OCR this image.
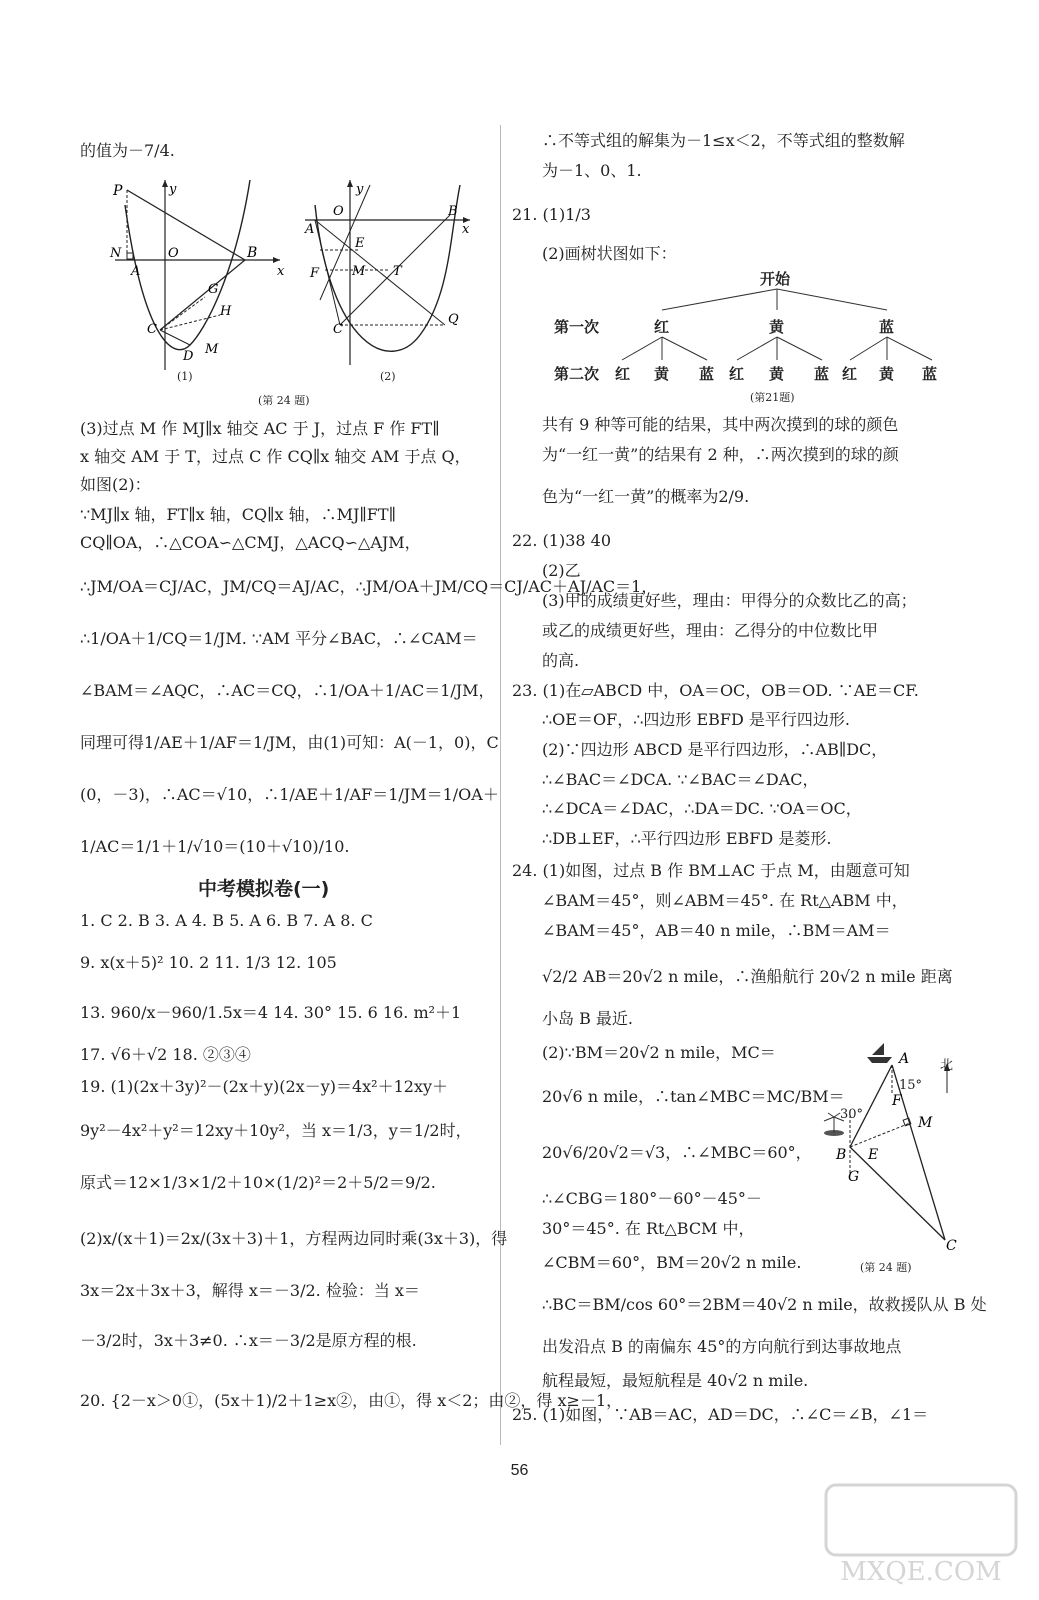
的值为－7/4.
P	y
O	B
x
N
A
G
H
C
D M
(1)
O
y
A
B
x
E
F	M T
C
Q
(2)
(第 24 题)
(3)过点 M 作 MJ∥x 轴交 AC 于 J，过点 F 作 FT∥
x 轴交 AM 于 T，过点 C 作 CQ∥x 轴交 AM 于点 Q，
如图(2)：
∵MJ∥x 轴，FT∥x 轴，CQ∥x 轴，∴MJ∥FT∥
CQ∥OA，∴△COA∽△CMJ，△ACQ∽△AJM，
∴JM/OA＝CJ/AC，JM/CQ＝AJ/AC，∴JM/OA＋JM/CQ＝CJ/AC＋AJ/AC＝1，
∴1/OA＋1/CQ＝1/JM. ∵AM 平分∠BAC，∴∠CAM＝
∠BAM＝∠AQC，∴AC＝CQ，∴1/OA＋1/AC＝1/JM，
同理可得1/AE＋1/AF＝1/JM，由(1)可知：A(－1，0)，C
(0，－3)，∴AC＝√10，∴1/AE＋1/AF＝1/JM＝1/OA＋
1/AC＝1/1＋1/√10＝(10＋√10)/10.
中考模拟卷(一)
1. C 2. B 3. A 4. B 5. A 6. B 7. A 8. C
9. x(x＋5)² 10. 2 11. 1/3 12. 105
13. 960/x－960/1.5x＝4 14. 30° 15. 6 16. m²＋1
17. √6＋√2 18. ②③④
19. (1)(2x＋3y)²－(2x＋y)(2x－y)＝4x²＋12xy＋
9y²－4x²＋y²＝12xy＋10y²，当 x＝1/3，y＝1/2时，
原式＝12×1/3×1/2＋10×(1/2)²＝2＋5/2＝9/2.
(2)x/(x＋1)＝2x/(3x＋3)＋1，方程两边同时乘(3x＋3)，得
3x＝2x＋3x＋3，解得 x＝－3/2. 检验：当 x＝
－3/2时，3x＋3≠0. ∴x＝－3/2是原方程的根.
20. {2－x＞0①，(5x＋1)/2＋1≥x②，由①，得 x＜2；由②，得 x≥－1，
∴不等式组的解集为－1≤x＜2，不等式组的整数解
为－1、0、1.
21. (1)1/3
(2)画树状图如下：
开始
第一次	红	黄	蓝
第二次 红 黄 蓝 红 黄 蓝 红 黄 蓝
(第21题)
共有 9 种等可能的结果，其中两次摸到的球的颜色
为“一红一黄”的结果有 2 种，∴两次摸到的球的颜
色为“一红一黄”的概率为2/9.
22. (1)38 40
(2)乙
(3)甲的成绩更好些，理由：甲得分的众数比乙的高；
或乙的成绩更好些，理由：乙得分的中位数比甲
的高.
23. (1)在▱ABCD 中，OA＝OC，OB＝OD. ∵AE＝CF.
∴OE＝OF，∴四边形 EBFD 是平行四边形.
(2)∵四边形 ABCD 是平行四边形，∴AB∥DC，
∴∠BAC＝∠DCA. ∵∠BAC＝∠DAC，
∴∠DCA＝∠DAC，∴DA＝DC. ∵OA＝OC，
∴DB⊥EF，∴平行四边形 EBFD 是菱形.
24. (1)如图，过点 B 作 BM⊥AC 于点 M，由题意可知
∠BAM＝45°，则∠ABM＝45°. 在 Rt△ABM 中，
∠BAM＝45°，AB＝40 n mile，∴BM＝AM＝
√2/2 AB＝20√2 n mile，∴渔船航行 20√2 n mile 距离
小岛 B 最近.
(2)∵BM＝20√2 n mile，MC＝
20√6 n mile，∴tan∠MBC＝MC/BM＝
20√6/20√2＝√3，∴∠MBC＝60°，
∴∠CBG＝180°－60°－45°－
30°＝45°. 在 Rt△BCM 中，
∠CBM＝60°，BM＝20√2 n mile.
A
F
M
B E
G
C
北
15°
30°
(第 24 题)
∴BC＝BM/cos 60°＝2BM＝40√2 n mile，故救援队从 B 处
出发沿点 B 的南偏东 45°的方向航行到达事故地点
航程最短，最短航程是 40√2 n mile.
25. (1)如图，∵AB＝AC，AD＝DC，∴∠C＝∠B，∠1＝
56
MXQE.COM
